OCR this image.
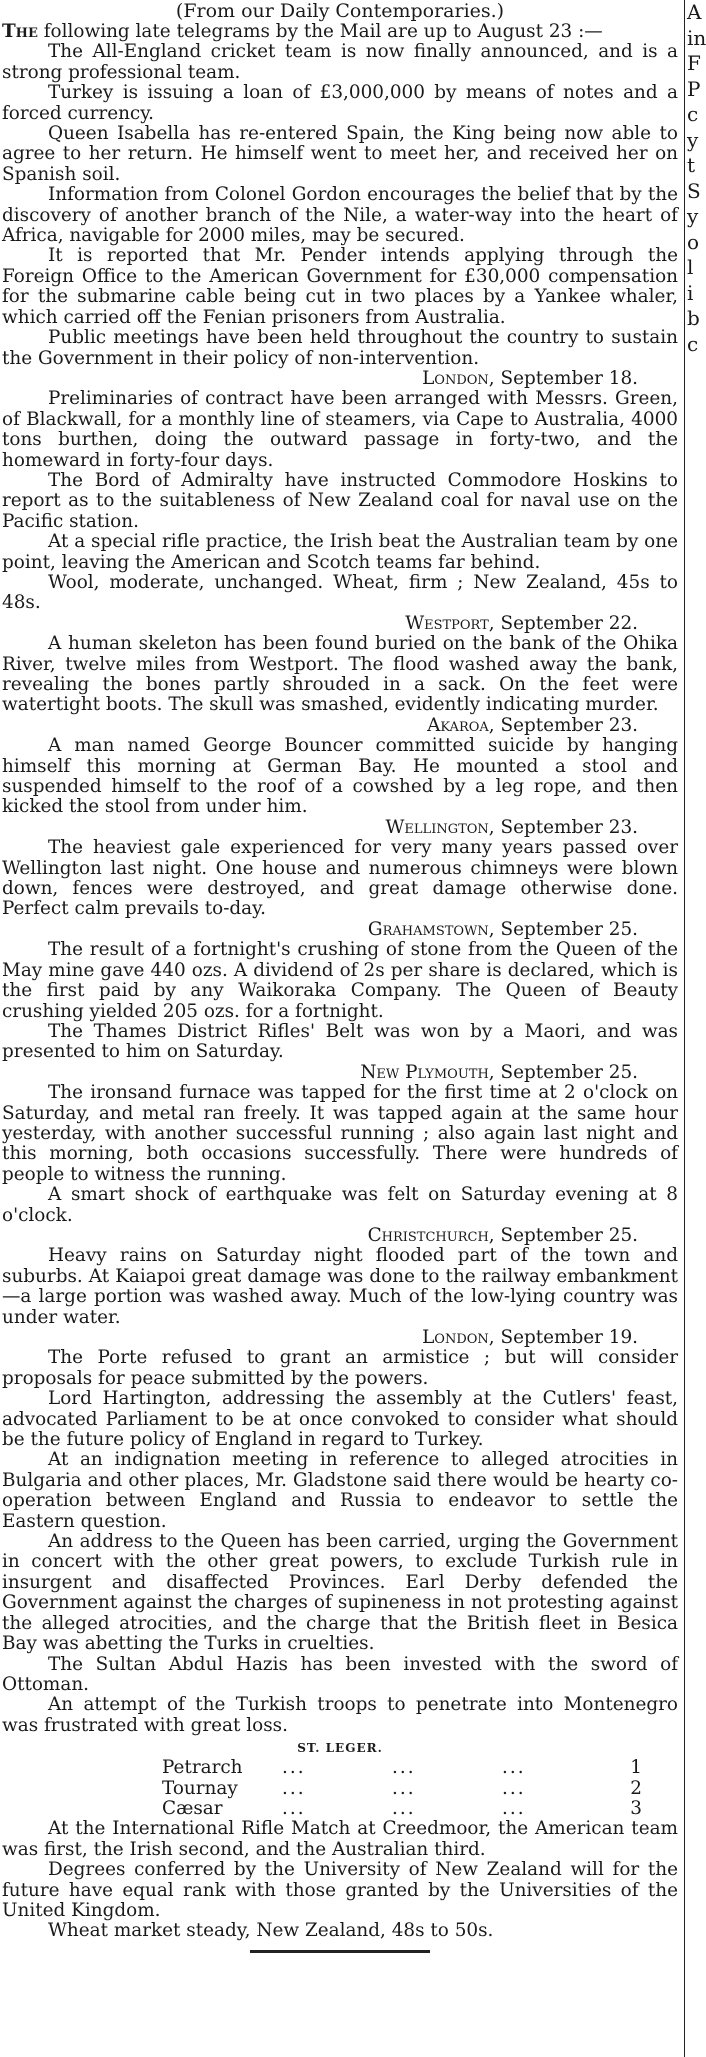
(From our Daily Contemporaries.)

The following late telegrams by the Mail are up to August 23 :—

The All-England cricket team is now finally announced, and is a strong professional team.

Turkey is issuing a loan of £3,000,000 by means of notes and a forced currency.

Queen Isabella has re-entered Spain, the King being now able to agree to her return. He himself went to meet her, and received her on Spanish soil.

Information from Colonel Gordon encourages the belief that by the discovery of another branch of the Nile, a water-way into the heart of Africa, navigable for 2000 miles, may be secured.

It is reported that Mr. Pender intends applying through the Foreign Office to the American Government for £30,000 compensation for the submarine cable being cut in two places by a Yankee whaler, which carried off the Fenian prisoners from Australia.

Public meetings have been held throughout the country to sustain the Government in their policy of non-intervention.

London, September 18.

Preliminaries of contract have been arranged with Messrs. Green, of Blackwall, for a monthly line of steamers, via Cape to Australia, 4000 tons burthen, doing the outward passage in forty-two, and the homeward in forty-four days.

The Bord of Admiralty have instructed Commodore Hoskins to report as to the suitableness of New Zealand coal for naval use on the Pacific station.

At a special rifle practice, the Irish beat the Australian team by one point, leaving the American and Scotch teams far behind.

Wool, moderate, unchanged. Wheat, firm ; New Zealand, 45s to 48s.

Westport, September 22.

A human skeleton has been found buried on the bank of the Ohika River, twelve miles from Westport. The flood washed away the bank, revealing the bones partly shrouded in a sack. On the feet were watertight boots. The skull was smashed, evidently indicating murder.

Akaroa, September 23.

A man named George Bouncer committed suicide by hanging himself this morning at German Bay. He mounted a stool and suspended himself to the roof of a cowshed by a leg rope, and then kicked the stool from under him.

Wellington, September 23.

The heaviest gale experienced for very many years passed over Wellington last night. One house and numerous chimneys were blown down, fences were destroyed, and great damage otherwise done. Perfect calm prevails to-day.

Grahamstown, September 25.

The result of a fortnight's crushing of stone from the Queen of the May mine gave 440 ozs. A dividend of 2s per share is declared, which is the first paid by any Waikoraka Company. The Queen of Beauty crushing yielded 205 ozs. for a fortnight.

The Thames District Rifles' Belt was won by a Maori, and was presented to him on Saturday.

New Plymouth, September 25.

The ironsand furnace was tapped for the first time at 2 o'clock on Saturday, and metal ran freely. It was tapped again at the same hour yesterday, with another successful running ; also again last night and this morning, both occasions successfully. There were hundreds of people to witness the running.

A smart shock of earthquake was felt on Saturday evening at 8 o'clock.

Christchurch, September 25.

Heavy rains on Saturday night flooded part of the town and suburbs. At Kaiapoi great damage was done to the railway embankment—a large portion was washed away. Much of the low-lying country was under water.

London, September 19.

The Porte refused to grant an armistice ; but will consider proposals for peace submitted by the powers.

Lord Hartington, addressing the assembly at the Cutlers' feast, advocated Parliament to be at once convoked to consider what should be the future policy of England in regard to Turkey.

At an indignation meeting in reference to alleged atrocities in Bulgaria and other places, Mr. Gladstone said there would be hearty co-operation between England and Russia to endeavor to settle the Eastern question.

An address to the Queen has been carried, urging the Government in concert with the other great powers, to exclude Turkish rule in insurgent and disaffected Provinces. Earl Derby defended the Government against the charges of supineness in not protesting against the alleged atrocities, and the charge that the British fleet in Besica Bay was abetting the Turks in cruelties.

The Sultan Abdul Hazis has been invested with the sword of Ottoman.

An attempt of the Turkish troops to penetrate into Montenegro was frustrated with great loss.

ST. LEGER.

Petrarch	...	...	...	1
Tournay	...	...	...	2
Cæsar	...	...	...	3

At the International Rifle Match at Creedmoor, the American team was first, the Irish second, and the Australian third.

Degrees conferred by the University of New Zealand will for the future have equal rank with those granted by the Universities of the United Kingdom.

Wheat market steady, New Zealand, 48s to 50s.

A
in
F
P
c
y
t
S
y
o
l
i
b
c
